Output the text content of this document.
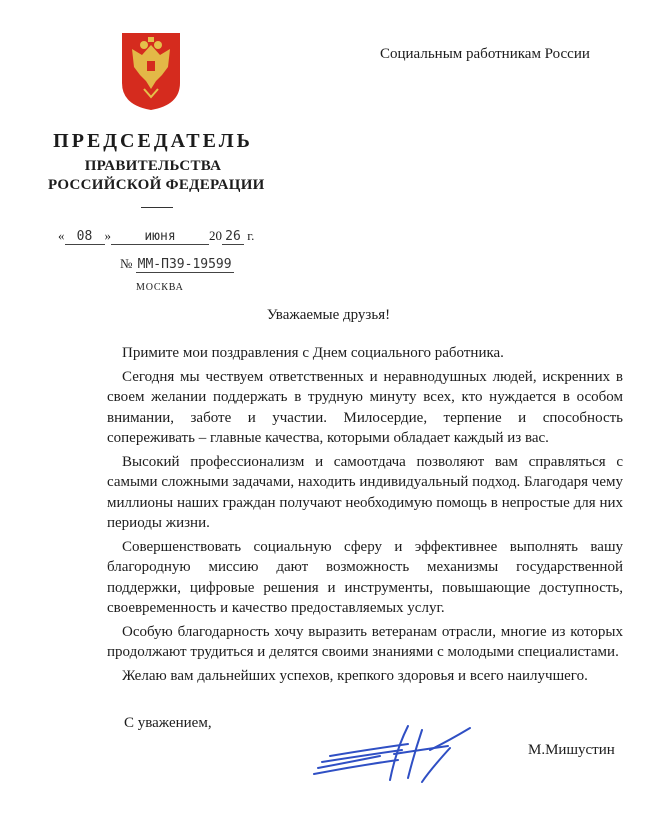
Социальным работникам России
ПРЕДСЕДАТЕЛЬ
ПРАВИТЕЛЬСТВА
РОССИЙСКОЙ ФЕДЕРАЦИИ
« 08 »	июня	20 26 г.
№ ММ-П39-19599
МОСКВА
Уважаемые друзья!

Примите мои поздравления с Днем социального работника.

Сегодня мы чествуем ответственных и неравнодушных людей, искренних в своем желании поддержать в трудную минуту всех, кто нуждается в особом внимании, заботе и участии. Милосердие, терпение и способность сопереживать – главные качества, которыми обладает каждый из вас.

Высокий профессионализм и самоотдача позволяют вам справляться с самыми сложными задачами, находить индивидуальный подход. Благодаря чему миллионы наших граждан получают необходимую помощь в непростые для них периоды жизни.

Совершенствовать социальную сферу и эффективнее выполнять вашу благородную миссию дают возможность механизмы государственной поддержки, цифровые решения и инструменты, повышающие доступность, своевременность и качество предоставляемых услуг.

Особую благодарность хочу выразить ветеранам отрасли, многие из которых продолжают трудиться и делятся своими знаниями с молодыми специалистами.

Желаю вам дальнейших успехов, крепкого здоровья и всего наилучшего.

С уважением,
М.Мишустин
